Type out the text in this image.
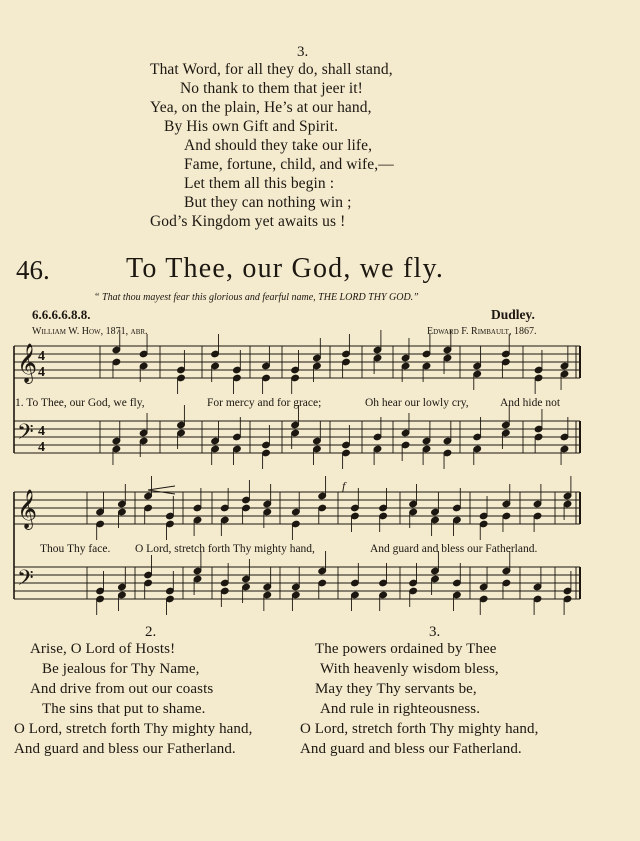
3.
That Word, for all they do, shall stand,
No thank to them that jeer it!
Yea, on the plain, He’s at our hand,
By His own Gift and Spirit.
And should they take our life,
Fame, fortune, child, and wife,—
Let them all this begin :
But they can nothing win ;
God’s Kingdom yet awaits us !
46.	To Thee, our God, we fly.
“ That thou mayest fear this glorious and fearful name, THE LORD THY GOD.”
6.6.6.6.8.8.	Dudley.
William W. How, 1871, abr.	Edward F. Rimbault, 1867.
𝄞
𝄢
𝄞
𝄢
4
4
4
4
1. To Thee, our God, we fly,	For mercy and for grace;	Oh hear our lowly cry,	And hide not
Thou Thy face. O Lord, stretch forth Thy mighty hand,	And guard and bless our Fatherland.
f
2.
Arise, O Lord of Hosts!
Be jealous for Thy Name,
And drive from out our coasts
The sins that put to shame.
O Lord, stretch forth Thy mighty hand,
And guard and bless our Fatherland.
3.
The powers ordained by Thee
With heavenly wisdom bless,
May they Thy servants be,
And rule in righteousness.
O Lord, stretch forth Thy mighty hand,
And guard and bless our Fatherland.
